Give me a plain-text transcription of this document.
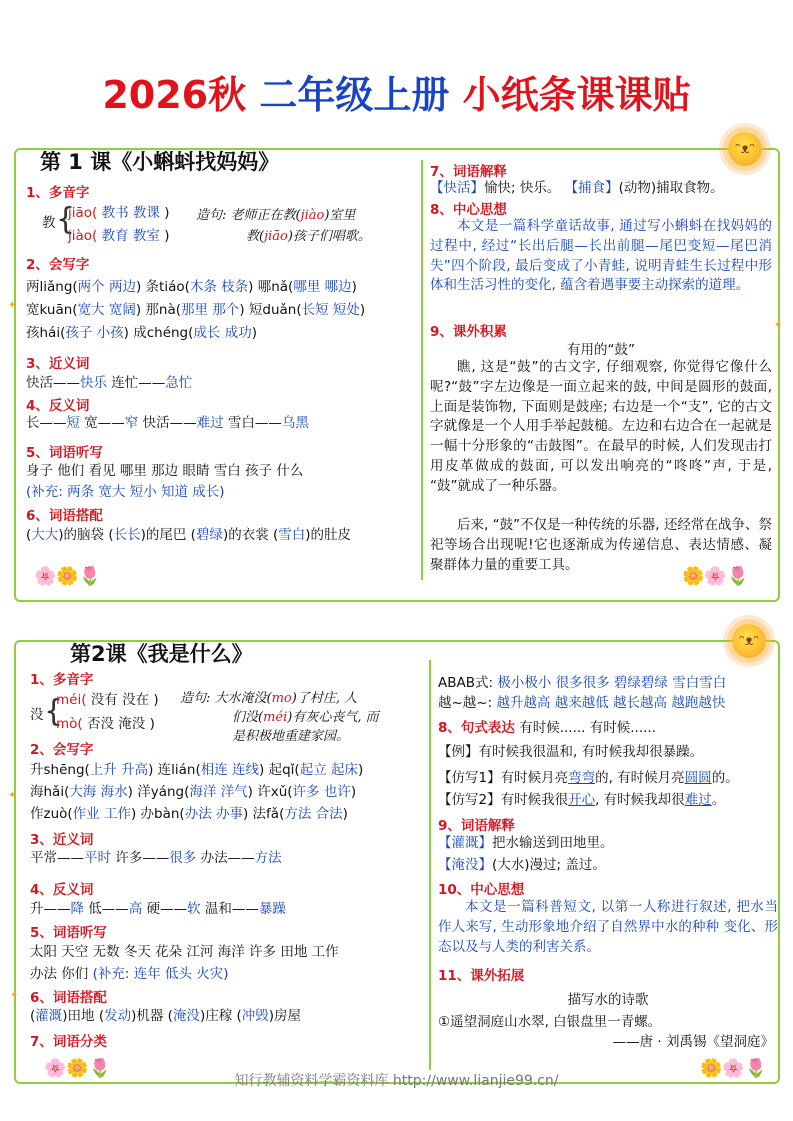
2026秋 二年级上册 小纸条课课贴
ᵔᴥᵔ
✦
✦
🌸🌼🌷	🌼🌸🌷
第 1 课《小蝌蚪找妈妈》
1、多音字
教 {
jiāo( 教书 教课 )
jiào( 教育 教室 )
造句: 老师正在教(jiào)室里
教(jiāo)孩子们唱歌。
2、会写字
两liǎng(两个 两边) 条tiáo(木条 枝条) 哪nǎ(哪里 哪边)
宽kuān(宽大 宽阔) 那nà(那里 那个) 短duǎn(长短 短处)
孩hái(孩子 小孩) 成chéng(成长 成功)
3、近义词
快活——快乐 连忙——急忙
4、反义词
长——短 宽——窄 快活——难过 雪白——乌黑
5、词语听写
身子 他们 看见 哪里 那边 眼睛 雪白 孩子 什么
(补充: 两条 宽大 短小 知道 成长)
6、词语搭配
(大大)的脑袋 (长长)的尾巴 (碧绿)的衣裳 (雪白)的肚皮
7、词语解释
【快活】愉快; 快乐。 【捕食】(动物)捕取食物。
8、中心思想
本文是一篇科学童话故事, 通过写小蝌蚪在找妈妈的过程中, 经过“长出后腿—长出前腿—尾巴变短—尾巴消失”四个阶段, 最后变成了小青蛙, 说明青蛙生长过程中形体和生活习性的变化, 蕴含着遇事要主动探索的道理。
9、课外积累
有用的“鼓”
瞧, 这是“鼓”的古文字, 仔细观察, 你觉得它像什么呢?“鼓”字左边像是一面立起来的鼓, 中间是圆形的鼓面, 上面是装饰物, 下面则是鼓座; 右边是一个“支”, 它的古文字就像是一个人用手举起鼓槌。左边和右边合在一起就是一幅十分形象的“击鼓图”。在最早的时候, 人们发现击打用皮革做成的鼓面, 可以发出响亮的“咚咚”声, 于是, “鼓”就成了一种乐器。
后来, “鼓”不仅是一种传统的乐器, 还经常在战争、祭祀等场合出现呢!它也逐渐成为传递信息、表达情感、凝聚群体力量的重要工具。
ᵔᴥᵔ
✦
✦
🌸🌼🌷	🌼🌸🌷
第2课《我是什么》
1、多音字
没 {
méi( 没有 没在 )
mò( 否没 淹没 )
造句: 大水淹没(mo)了村庄, 人
们没(méi)有灰心丧气, 而
是积极地重建家园。
2、会写字
升shēng(上升 升高) 连lián(相连 连线) 起qǐ(起立 起床)
海hǎi(大海 海水) 洋yáng(海洋 洋气) 许xǔ(许多 也许)
作zuò(作业 工作) 办bàn(办法 办事) 法fǎ(方法 合法)
3、近义词
平常——平时 许多——很多 办法——方法
4、反义词
升——降 低——高 硬——软 温和——暴躁
5、词语听写
太阳 天空 无数 冬天 花朵 江河 海洋 许多 田地 工作
办法 你们 (补充: 连年 低头 火灾)
6、词语搭配
(灌溉)田地 (发动)机器 (淹没)庄稼 (冲毁)房屋
7、词语分类
ABAB式: 极小极小 很多很多 碧绿碧绿 雪白雪白
越~越~: 越升越高 越来越低 越长越高 越跑越快
8、句式表达 有时候...... 有时候......
【例】有时候我很温和, 有时候我却很暴躁。
【仿写1】有时候月亮弯弯的, 有时候月亮圆圆的。
【仿写2】有时候我很开心, 有时候我却很难过。
9、词语解释
【灌溉】把水输送到田地里。
【淹没】(大水)漫过; 盖过。
10、中心思想
本文是一篇科普短文, 以第一人称进行叙述, 把水当作人来写, 生动形象地介绍了自然界中水的种种 变化、形态以及与人类的利害关系。
11、课外拓展
描写水的诗歌
①遥望洞庭山水翠, 白银盘里一青螺。
——唐 · 刘禹锡《望洞庭》
知行教辅资料学霸资料库 http://www.lianjie99.cn/
